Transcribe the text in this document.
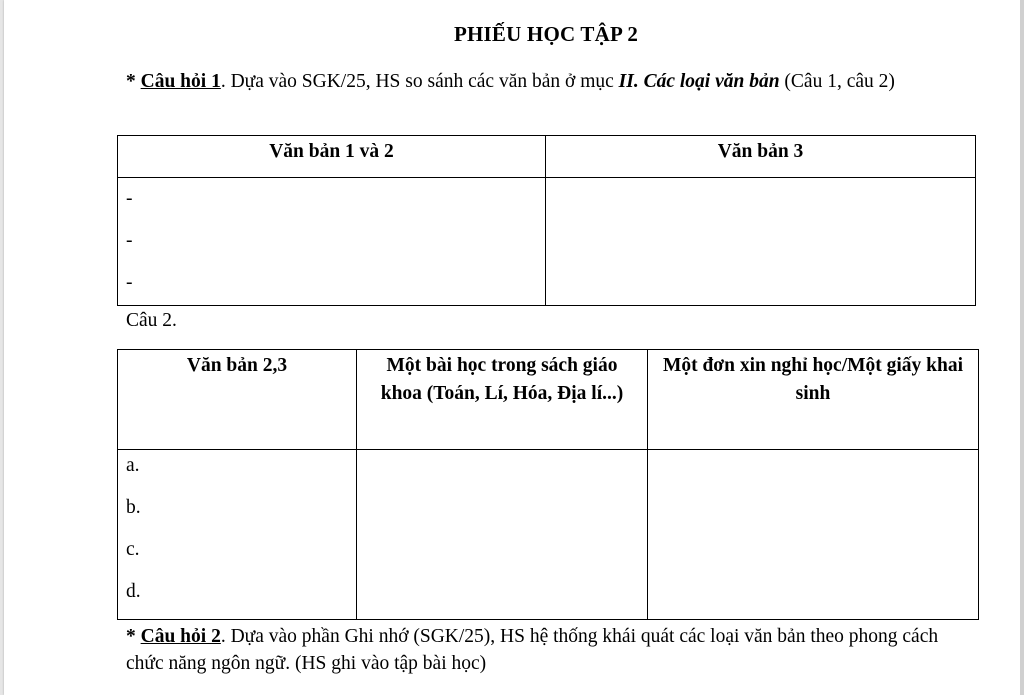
PHIẾU HỌC TẬP 2
* Câu hỏi 1. Dựa vào SGK/25, HS so sánh các văn bản ở mục II. Các loại văn bản (Câu 1, câu 2)
Văn bản 1 và 2	Văn bản 3

-
-
-	

Câu 2.
Văn bản 2,3	Một bài học trong sách giáo khoa (Toán, Lí, Hóa, Địa lí...)	Một đơn xin nghỉ học/Một giấy khai sinh

a.
b.
c.
d.		

* Câu hỏi 2. Dựa vào phần Ghi nhớ (SGK/25), HS hệ thống khái quát các loại văn bản theo phong cách chức năng ngôn ngữ. (HS ghi vào tập bài học)
